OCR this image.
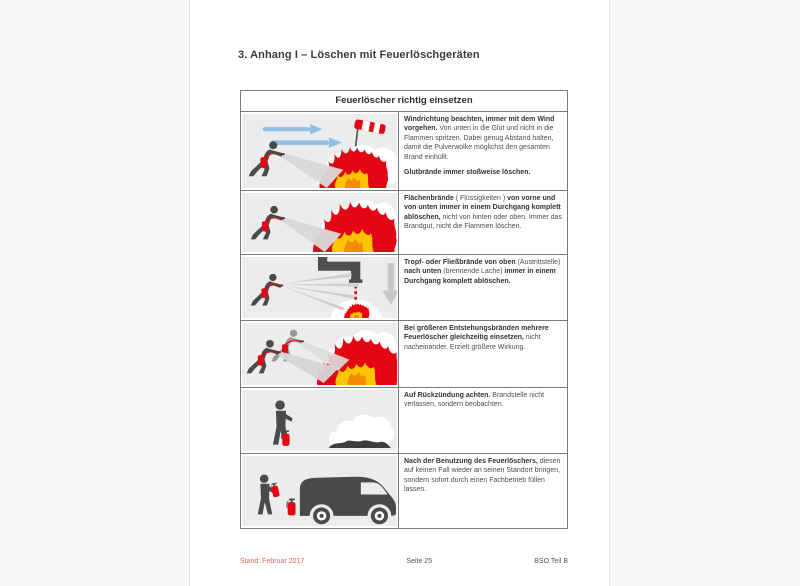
3. Anhang I – Löschen mit Feuerlöschgeräten
Feuerlöscher richtig einsetzen

Windrichtung beachten, immer mit dem Wind vorgehen. Von unten in die Glut und nicht in die Flammen spritzen. Dabei genug Abstand halten, damit die Pulverwolke möglichst den gesamten Brand einhüllt.

Glutbrände immer stoßweise löschen.

Flächenbrände ( Flüssigkeiten ) von vorne und von unten immer in einem Durchgang komplett ablöschen, nicht von hinten oder oben. Immer das Brandgut, nicht die Flammen löschen.

Tropf- oder Fließbrände von oben (Austrittstelle) nach unten (brennende Lache) immer in einem Durchgang komplett ablöschen.

Bei größeren Entstehungsbränden mehrere Feuerlöscher gleichzeitig einsetzen, nicht nacheinander. Erzielt größere Wirkung.

Auf Rückzündung achten. Brandstelle nicht verlassen, sondern beobachten.

Nach der Benutzung des Feuerlöschers, diesen auf keinen Fall wieder an seinen Standort bringen, sondern sofort durch einen Fachbetrieb füllen lassen.

Stand: Februar 2017	Seite 25	BSO Teil B
